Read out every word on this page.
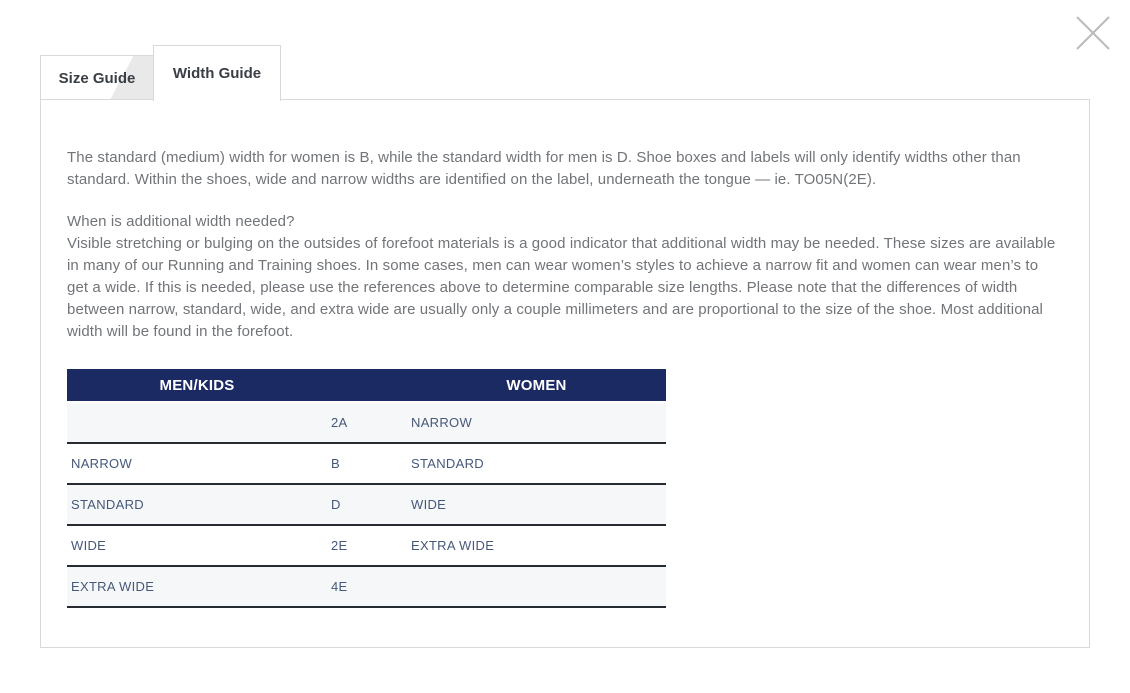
Size Guide	Width Guide

The standard (medium) width for women is B, while the standard width for men is D. Shoe boxes and labels will only identify widths other than standard. Within the shoes, wide and narrow widths are identified on the label, underneath the tongue — ie. TO05N(2E).

When is additional width needed?

Visible stretching or bulging on the outsides of forefoot materials is a good indicator that additional width may be needed. These sizes are available in many of our Running and Training shoes. In some cases, men can wear women’s styles to achieve a narrow fit and women can wear men’s to get a wide. If this is needed, please use the references above to determine comparable size lengths. Please note that the differences of width between narrow, standard, wide, and extra wide are usually only a couple millimeters and are proportional to the size of the shoe. Most additional width will be found in the forefoot.

MEN/KIDS		WOMEN
	2A	NARROW
NARROW	B	STANDARD
STANDARD	D	WIDE
WIDE	2E	EXTRA WIDE
EXTRA WIDE	4E	
